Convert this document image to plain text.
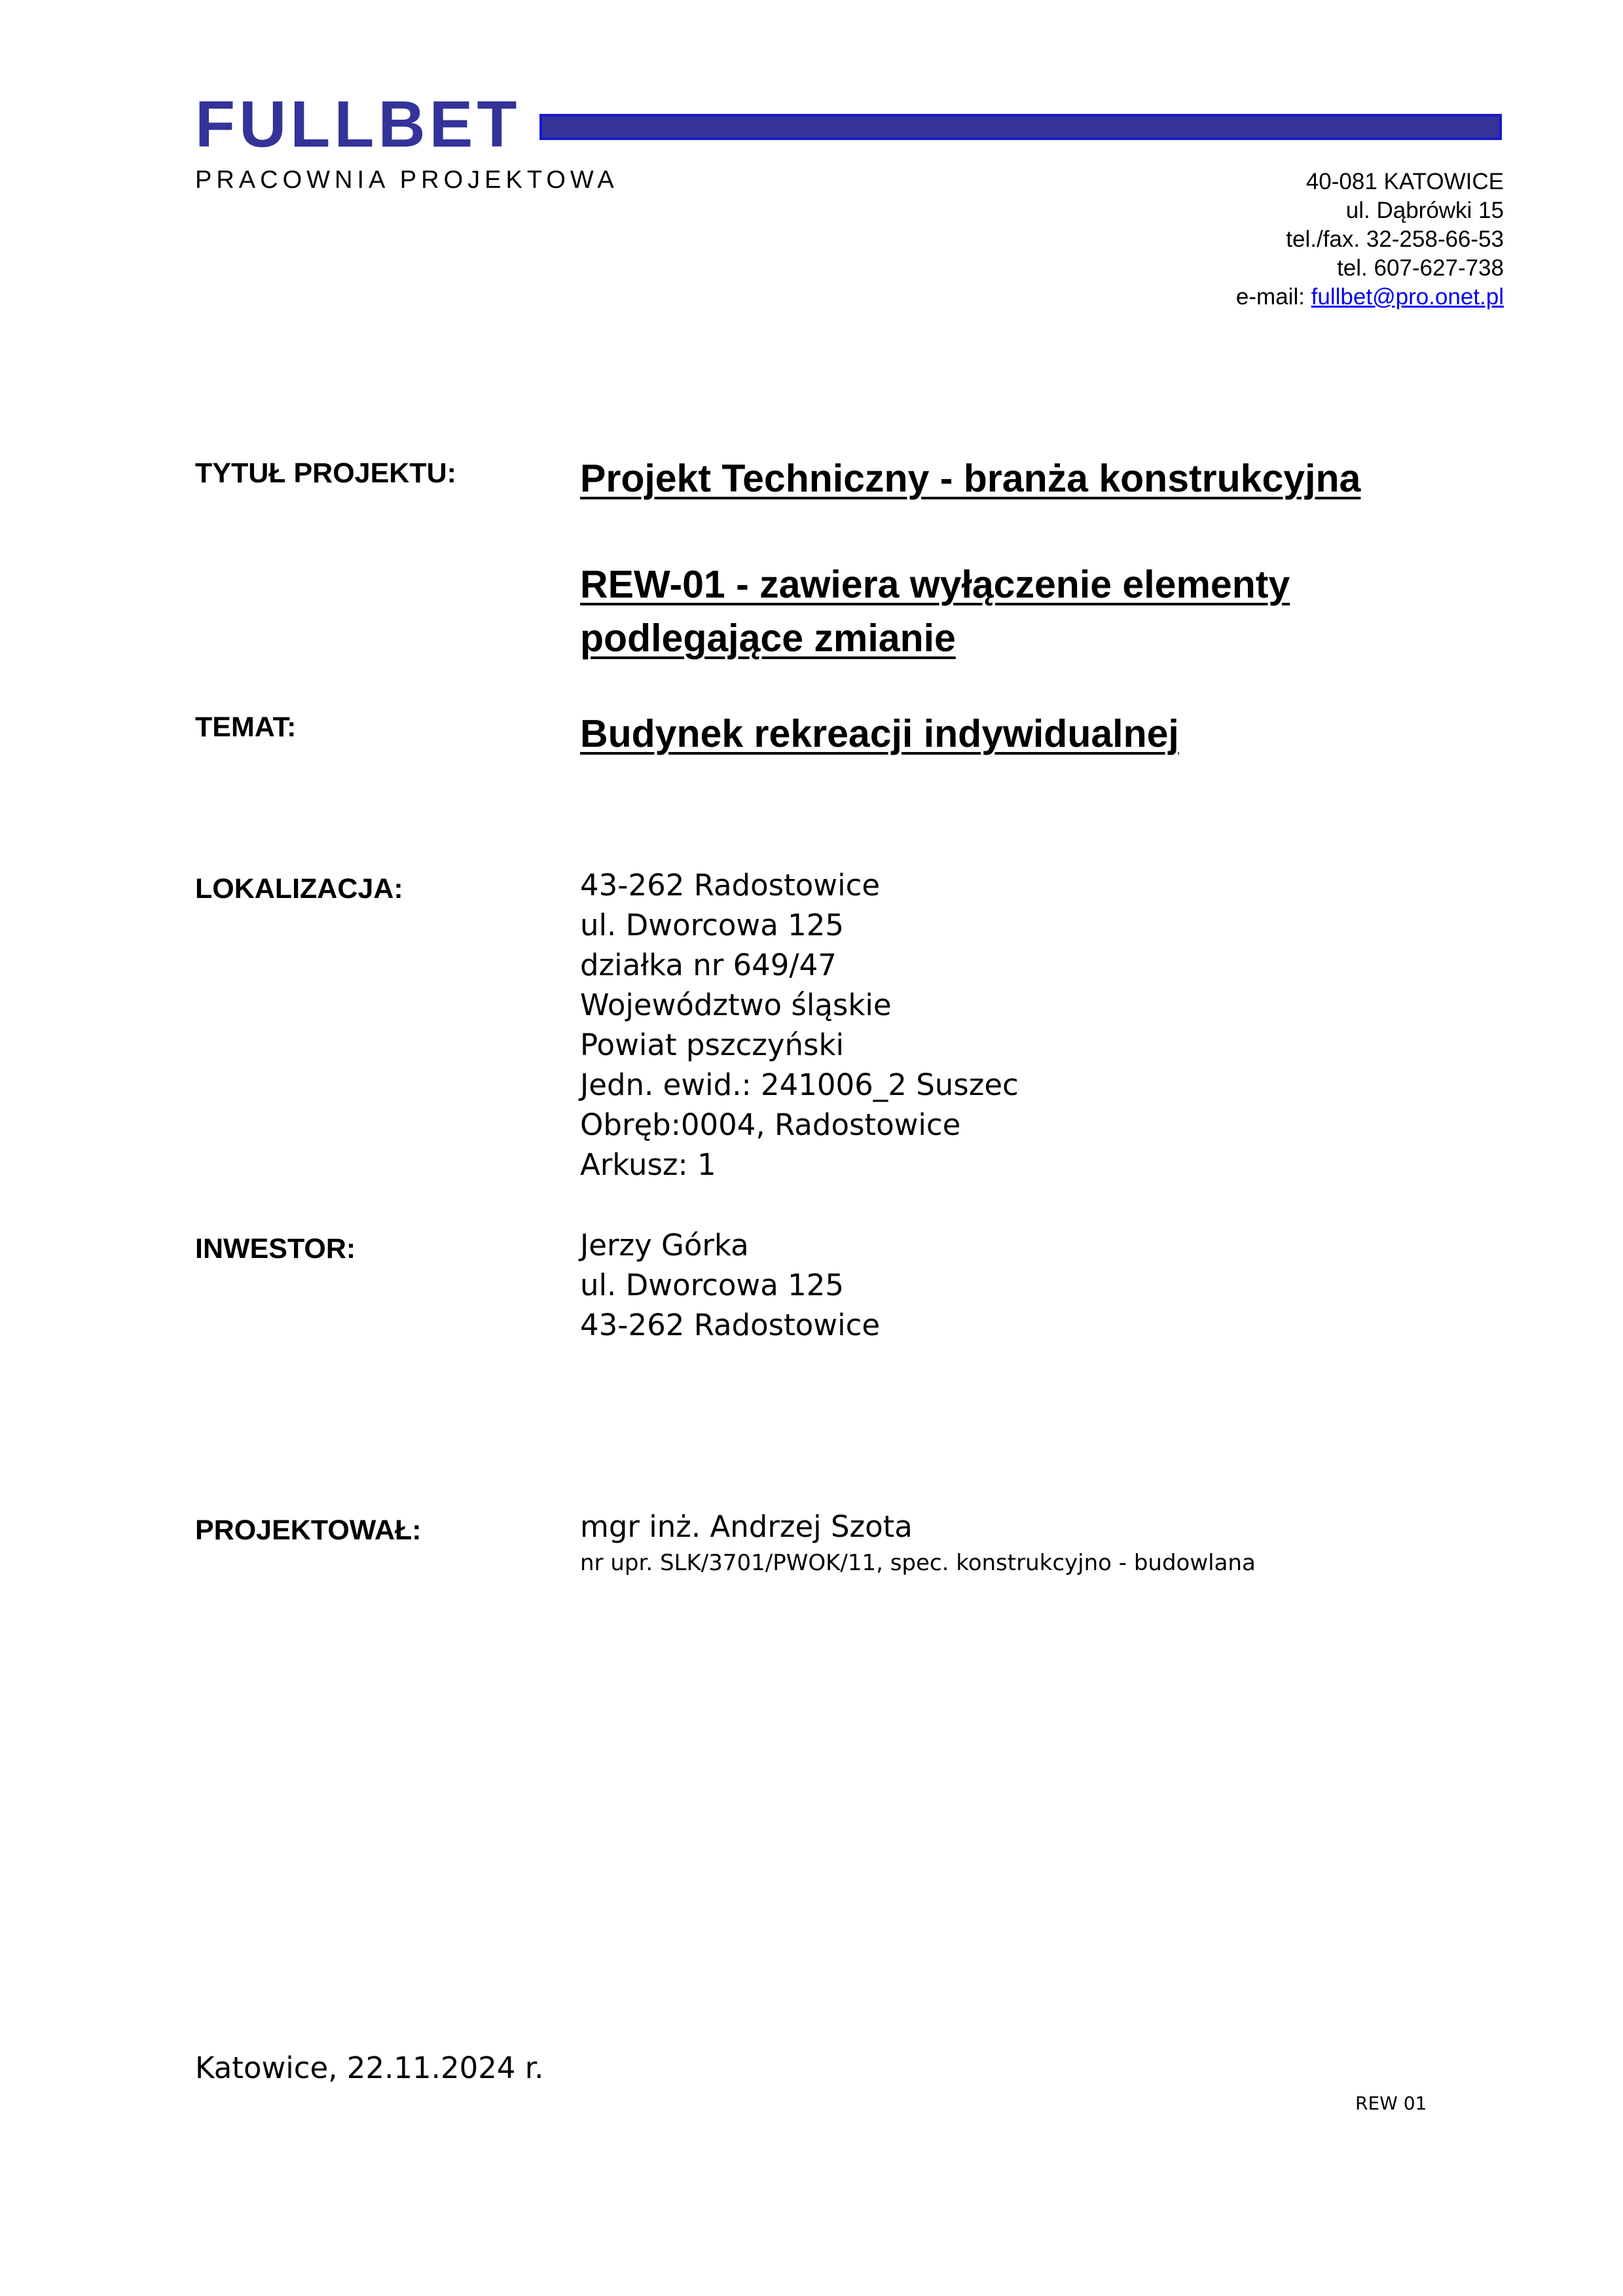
FULLBET
PRACOWNIA PROJEKTOWA	40-081 KATOWICE
ul. Dąbrówki 15
tel./fax. 32-258-66-53
tel. 607-627-738
e-mail: fullbet@pro.onet.pl
TYTUŁ PROJEKTU:	Projekt Techniczny - branża konstrukcyjna
REW-01 - zawiera wyłączenie elementy
podlegające zmianie
TEMAT:	Budynek rekreacji indywidualnej
LOKALIZACJA:	43-262 Radostowice
ul. Dworcowa 125
działka nr 649/47
Województwo śląskie
Powiat pszczyński
Jedn. ewid.: 241006_2 Suszec
Obręb:0004, Radostowice
Arkusz: 1
INWESTOR:	Jerzy Górka
ul. Dworcowa 125
43-262 Radostowice
PROJEKTOWAŁ:	mgr inż. Andrzej Szota
nr upr. SLK/3701/PWOK/11, spec. konstrukcyjno - budowlana
Katowice, 22.11.2024 r.
REW 01
